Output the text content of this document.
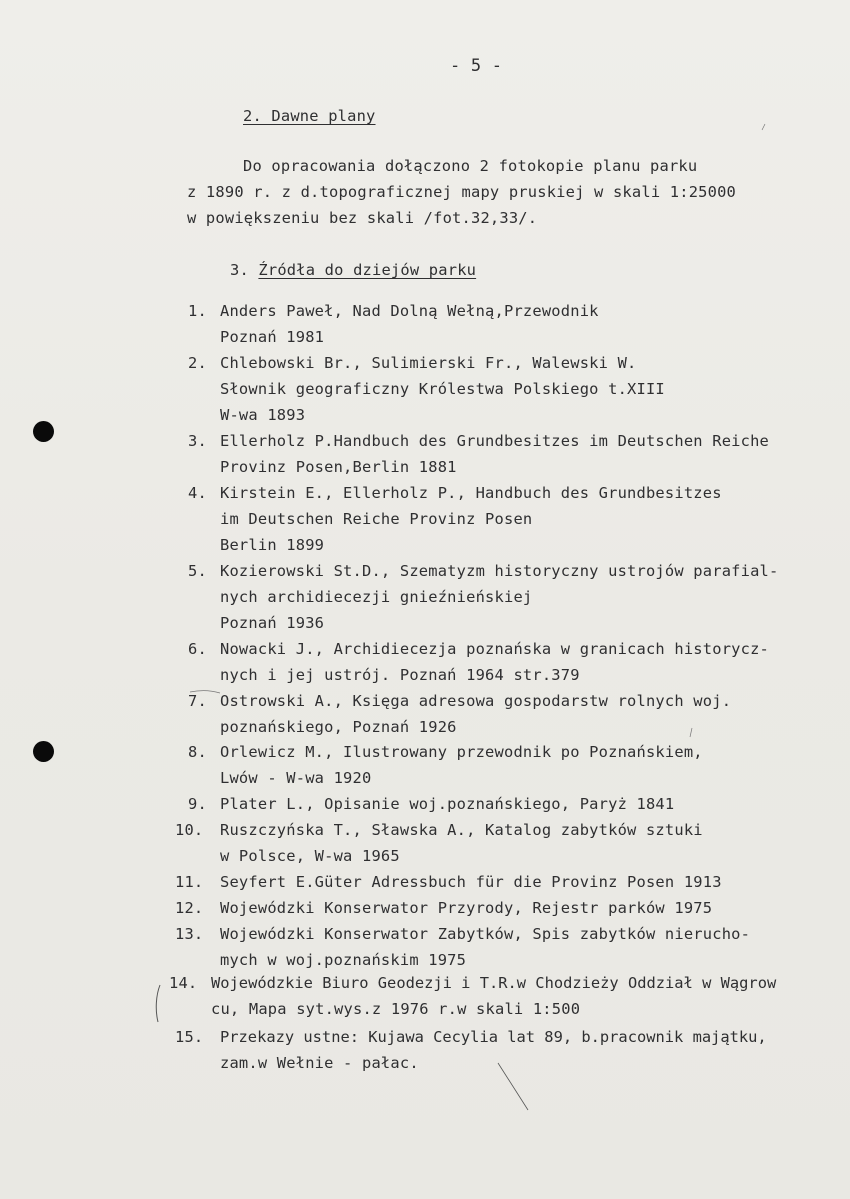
- 5 -
2. Dawne plany
Do opracowania dołączono 2 fotokopie planu parku
z 1890 r. z d.topograficznej mapy pruskiej w skali 1:25000
w powiększeniu bez skali /fot.32,33/.
3. Źródła do dziejów parku
1. Anders Paweł, Nad Dolną Wełną,Przewodnik
Poznań 1981
2. Chlebowski Br., Sulimierski Fr., Walewski W.
Słownik geograficzny Królestwa Polskiego t.XIII
W-wa 1893
3. Ellerholz P.Handbuch des Grundbesitzes im Deutschen Reiche
Provinz Posen,Berlin 1881
4. Kirstein E., Ellerholz P., Handbuch des Grundbesitzes
im Deutschen Reiche Provinz Posen
Berlin 1899
5. Kozierowski St.D., Szematyzm historyczny ustrojów parafial-
nych archidiecezji gnieźnieńskiej
Poznań 1936
6. Nowacki J., Archidiecezja poznańska w granicach historycz-
nych i jej ustrój. Poznań 1964 str.379
7. Ostrowski A., Księga adresowa gospodarstw rolnych woj.
poznańskiego, Poznań 1926
8. Orlewicz M., Ilustrowany przewodnik po Poznańskiem,
Lwów - W-wa 1920
9. Plater L., Opisanie woj.poznańskiego, Paryż 1841
10. Ruszczyńska T., Sławska A., Katalog zabytków sztuki
w Polsce, W-wa 1965
11. Seyfert E.Güter Adressbuch für die Provinz Posen 1913
12. Wojewódzki Konserwator Przyrody, Rejestr parków 1975
13. Wojewódzki Konserwator Zabytków, Spis zabytków nierucho-
mych w woj.poznańskim 1975
14. Wojewódzkie Biuro Geodezji i T.R.w Chodzieży Oddział w Wągrow
cu, Mapa syt.wys.z 1976 r.w skali 1:500
15. Przekazy ustne: Kujawa Cecylia lat 89, b.pracownik majątku,
zam.w Wełnie - pałac.
